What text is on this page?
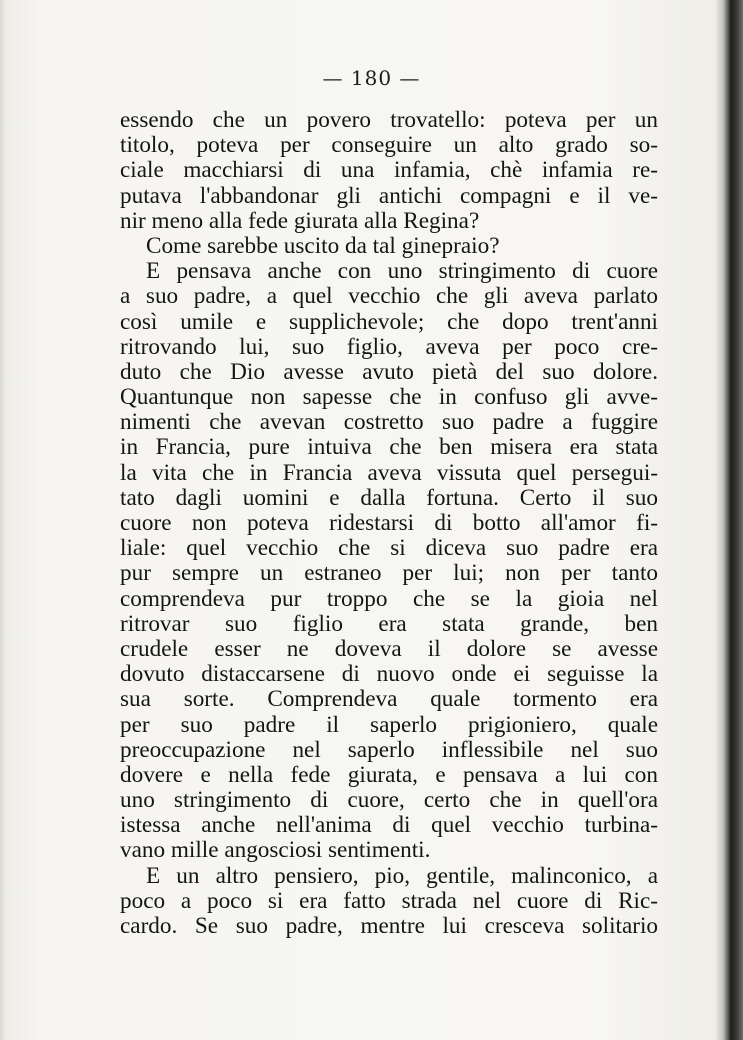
— 180 —
essendo che un povero trovatello: poteva per un
titolo, poteva per conseguire un alto grado so-
ciale macchiarsi di una infamia, chè infamia re-
putava l'abbandonar gli antichi compagni e il ve-
nir meno alla fede giurata alla Regina?
Come sarebbe uscito da tal ginepraio?
E pensava anche con uno stringimento di cuore
a suo padre, a quel vecchio che gli aveva parlato
così umile e supplichevole; che dopo trent'anni
ritrovando lui, suo figlio, aveva per poco cre-
duto che Dio avesse avuto pietà del suo dolore.
Quantunque non sapesse che in confuso gli avve-
nimenti che avevan costretto suo padre a fuggire
in Francia, pure intuiva che ben misera era stata
la vita che in Francia aveva vissuta quel persegui-
tato dagli uomini e dalla fortuna. Certo il suo
cuore non poteva ridestarsi di botto all'amor fi-
liale: quel vecchio che si diceva suo padre era
pur sempre un estraneo per lui; non per tanto
comprendeva pur troppo che se la gioia nel
ritrovar suo figlio era stata grande, ben
crudele esser ne doveva il dolore se avesse
dovuto distaccarsene di nuovo onde ei seguisse la
sua sorte. Comprendeva quale tormento era
per suo padre il saperlo prigioniero, quale
preoccupazione nel saperlo inflessibile nel suo
dovere e nella fede giurata, e pensava a lui con
uno stringimento di cuore, certo che in quell'ora
istessa anche nell'anima di quel vecchio turbina-
vano mille angosciosi sentimenti.
E un altro pensiero, pio, gentile, malinconico, a
poco a poco si era fatto strada nel cuore di Ric-
cardo. Se suo padre, mentre lui cresceva solitario
